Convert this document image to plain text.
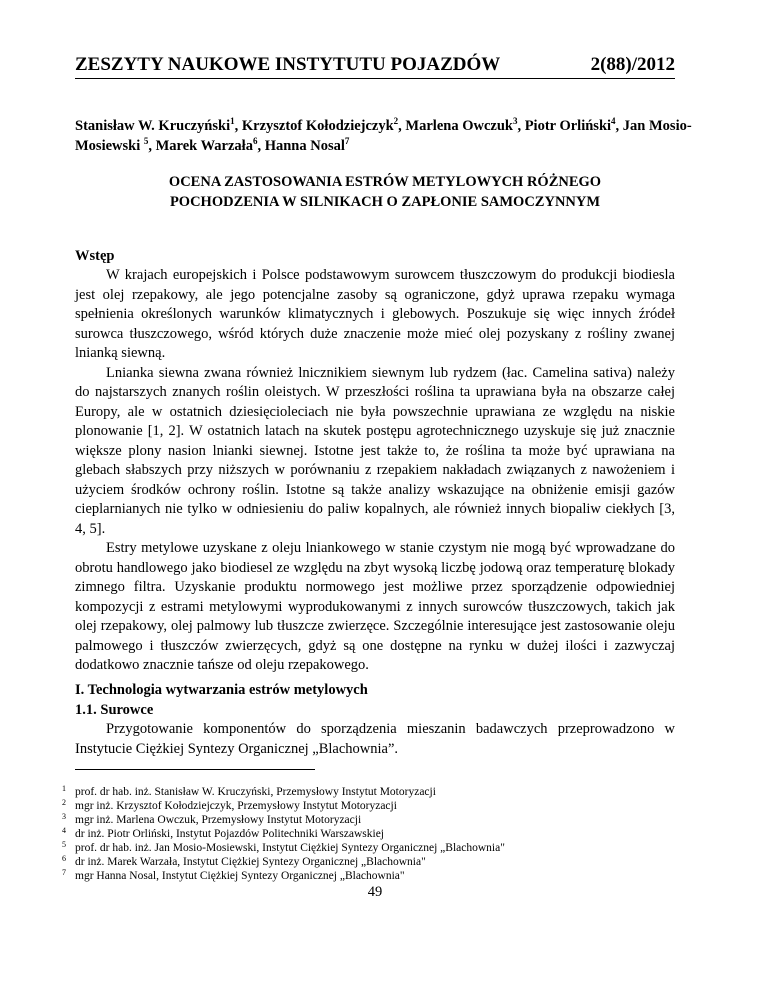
ZESZYTY NAUKOWE INSTYTUTU POJAZDÓW	2(88)/2012
Stanisław W. Kruczyński$^1$, Krzysztof Kołodziejczyk$^2$, Marlena Owczuk$^3$, Piotr Orliński$^4$, Jan Mosio-Mosiewski $^5$, Marek Warzała$^6$, Hanna Nosal$^7$
OCENA ZASTOSOWANIA ESTRÓW METYLOWYCH RÓŻNEGO
POCHODZENIA W SILNIKACH O ZAPŁONIE SAMOCZYNNYM
Wstęp

W krajach europejskich i Polsce podstawowym surowcem tłuszczowym do produkcji biodiesla jest olej rzepakowy, ale jego potencjalne zasoby są ograniczone, gdyż uprawa rzepaku wymaga spełnienia określonych warunków klimatycznych i glebowych. Poszukuje się więc innych źródeł surowca tłuszczowego, wśród których duże znaczenie może mieć olej pozyskany z rośliny zwanej lnianką siewną.

Lnianka siewna zwana również lnicznikiem siewnym lub rydzem (łac. Camelina sativa) należy do najstarszych znanych roślin oleistych. W przeszłości roślina ta uprawiana była na obszarze całej Europy, ale w ostatnich dziesięcioleciach nie była powszechnie uprawiana ze względu na niskie plonowanie [1, 2]. W ostatnich latach na skutek postępu agrotechnicznego uzyskuje się już znacznie większe plony nasion lnianki siewnej. Istotne jest także to, że roślina ta może być uprawiana na glebach słabszych przy niższych w porównaniu z rzepakiem nakładach związanych z nawożeniem i użyciem środków ochrony roślin. Istotne są także analizy wskazujące na obniżenie emisji gazów cieplarnianych nie tylko w odniesieniu do paliw kopalnych, ale również innych biopaliw ciekłych [3, 4, 5].

Estry metylowe uzyskane z oleju lniankowego w stanie czystym nie mogą być wprowadzane do obrotu handlowego jako biodiesel ze względu na zbyt wysoką liczbę jodową oraz temperaturę blokady zimnego filtra. Uzyskanie produktu normowego jest możliwe przez sporządzenie odpowiedniej kompozycji z estrami metylowymi wyprodukowanymi z innych surowców tłuszczowych, takich jak olej rzepakowy, olej palmowy lub tłuszcze zwierzęce. Szczególnie interesujące jest zastosowanie oleju palmowego i tłuszczów zwierzęcych, gdyż są one dostępne na rynku w dużej ilości i zazwyczaj dodatkowo znacznie tańsze od oleju rzepakowego.

I. Technologia wytwarzania estrów metylowych
1.1. Surowce

Przygotowanie komponentów do sporządzenia mieszanin badawczych przeprowadzono w Instytucie Ciężkiej Syntezy Organicznej „Blachownia”.

1 prof. dr hab. inż. Stanisław W. Kruczyński, Przemysłowy Instytut Motoryzacji
2 mgr inż. Krzysztof Kołodziejczyk, Przemysłowy Instytut Motoryzacji
3 mgr inż. Marlena Owczuk, Przemysłowy Instytut Motoryzacji
4 dr inż. Piotr Orliński, Instytut Pojazdów Politechniki Warszawskiej
5 prof. dr hab. inż. Jan Mosio-Mosiewski, Instytut Ciężkiej Syntezy Organicznej „Blachownia"
6 dr inż. Marek Warzała, Instytut Ciężkiej Syntezy Organicznej „Blachownia"
7 mgr Hanna Nosal, Instytut Ciężkiej Syntezy Organicznej „Blachownia"
49
